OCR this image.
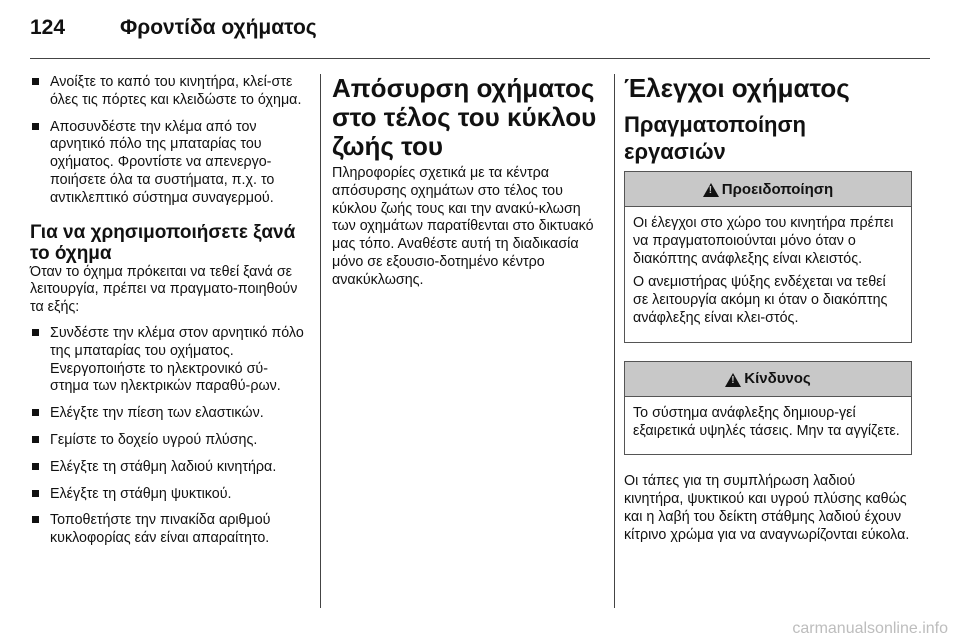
124	Φροντίδα οχήματος
Ανοίξτε το καπό του κινητήρα, κλεί-στε όλες τις πόρτες και κλειδώστε το όχημα.
Αποσυνδέστε την κλέμα από τον αρνητικό πόλο της μπαταρίας του οχήματος. Φροντίστε να απενεργο-ποιήσετε όλα τα συστήματα, π.χ. το αντικλεπτικό σύστημα συναγερμού.
Για να χρησιμοποιήσετε ξανά το όχημα
Όταν το όχημα πρόκειται να τεθεί ξανά σε λειτουργία, πρέπει να πραγματο-ποιηθούν τα εξής:
Συνδέστε την κλέμα στον αρνητικό πόλο της μπαταρίας του οχήματος. Ενεργοποιήστε το ηλεκτρονικό σύ-στημα των ηλεκτρικών παραθύ-ρων.
Ελέγξτε την πίεση των ελαστικών.
Γεμίστε το δοχείο υγρού πλύσης.
Ελέγξτε τη στάθμη λαδιού κινητήρα.
Ελέγξτε τη στάθμη ψυκτικού.
Τοποθετήστε την πινακίδα αριθμού κυκλοφορίας εάν είναι απαραίτητο.
Απόσυρση οχήματος στο τέλος του κύκλου ζωής του
Πληροφορίες σχετικά με τα κέντρα απόσυρσης οχημάτων στο τέλος του κύκλου ζωής τους και την ανακύ-κλωση των οχημάτων παρατίθενται στο δικτυακό μας τόπο. Αναθέστε αυτή τη διαδικασία μόνο σε εξουσιο-δοτημένο κέντρο ανακύκλωσης.
Έλεγχοι οχήματος
Πραγματοποίηση εργασιών
!
Προειδοποίηση

Οι έλεγχοι στο χώρο του κινητήρα πρέπει να πραγματοποιούνται μόνο όταν ο διακόπτης ανάφλεξης είναι κλειστός.

Ο ανεμιστήρας ψύξης ενδέχεται να τεθεί σε λειτουργία ακόμη κι όταν ο διακόπτης ανάφλεξης είναι κλει-στός.

!
Κίνδυνος

Το σύστημα ανάφλεξης δημιουρ-γεί εξαιρετικά υψηλές τάσεις. Μην τα αγγίζετε.

Οι τάπες για τη συμπλήρωση λαδιού κινητήρα, ψυκτικού και υγρού πλύσης καθώς και η λαβή του δείκτη στάθμης λαδιού έχουν κίτρινο χρώμα για να αναγνωρίζονται εύκολα.
carmanualsonline.info
